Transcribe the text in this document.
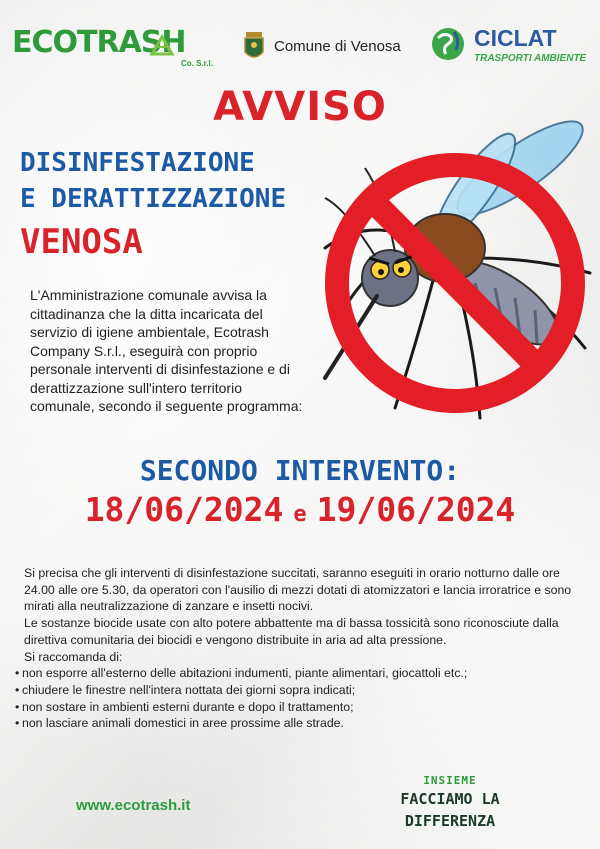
ECOTRASH
Co. S.r.l.
Comune di Venosa	CICLAT
TRASPORTI AMBIENTE
AVVISO
DISINFESTAZIONE
E DERATTIZZAZIONE
VENOSA
L'Amministrazione comunale avvisa la cittadinanza che la ditta incaricata del servizio di igiene ambientale, Ecotrash Company S.r.l., eseguirà con proprio personale interventi di disinfestazione e di derattizzazione sull'intero territorio comunale, secondo il seguente programma:
SECONDO INTERVENTO:
18/06/2024 e 19/06/2024

Si precisa che gli interventi di disinfestazione succitati, saranno eseguiti in orario notturno dalle ore 24.00 alle ore 5.30, da operatori con l'ausilio di mezzi dotati di atomizzatori e lancia irroratrice e sono mirati alla neutralizzazione di zanzare e insetti nocivi.

Le sostanze biocide usate con alto potere abbattente ma di bassa tossicità sono riconosciute dalla direttiva comunitaria dei biocidi e vengono distribuite in aria ad alta pressione.

Si raccomanda di:

• non esporre all'esterno delle abitazioni indumenti, piante alimentari, giocattoli etc.;
• chiudere le finestre nell'intera nottata dei giorni sopra indicati;
• non sostare in ambienti esterni durante e dopo il trattamento;
• non lasciare animali domestici in aree prossime alle strade.
www.ecotrash.it
INSIEME
FACCIAMO LA
DIFFERENZA
